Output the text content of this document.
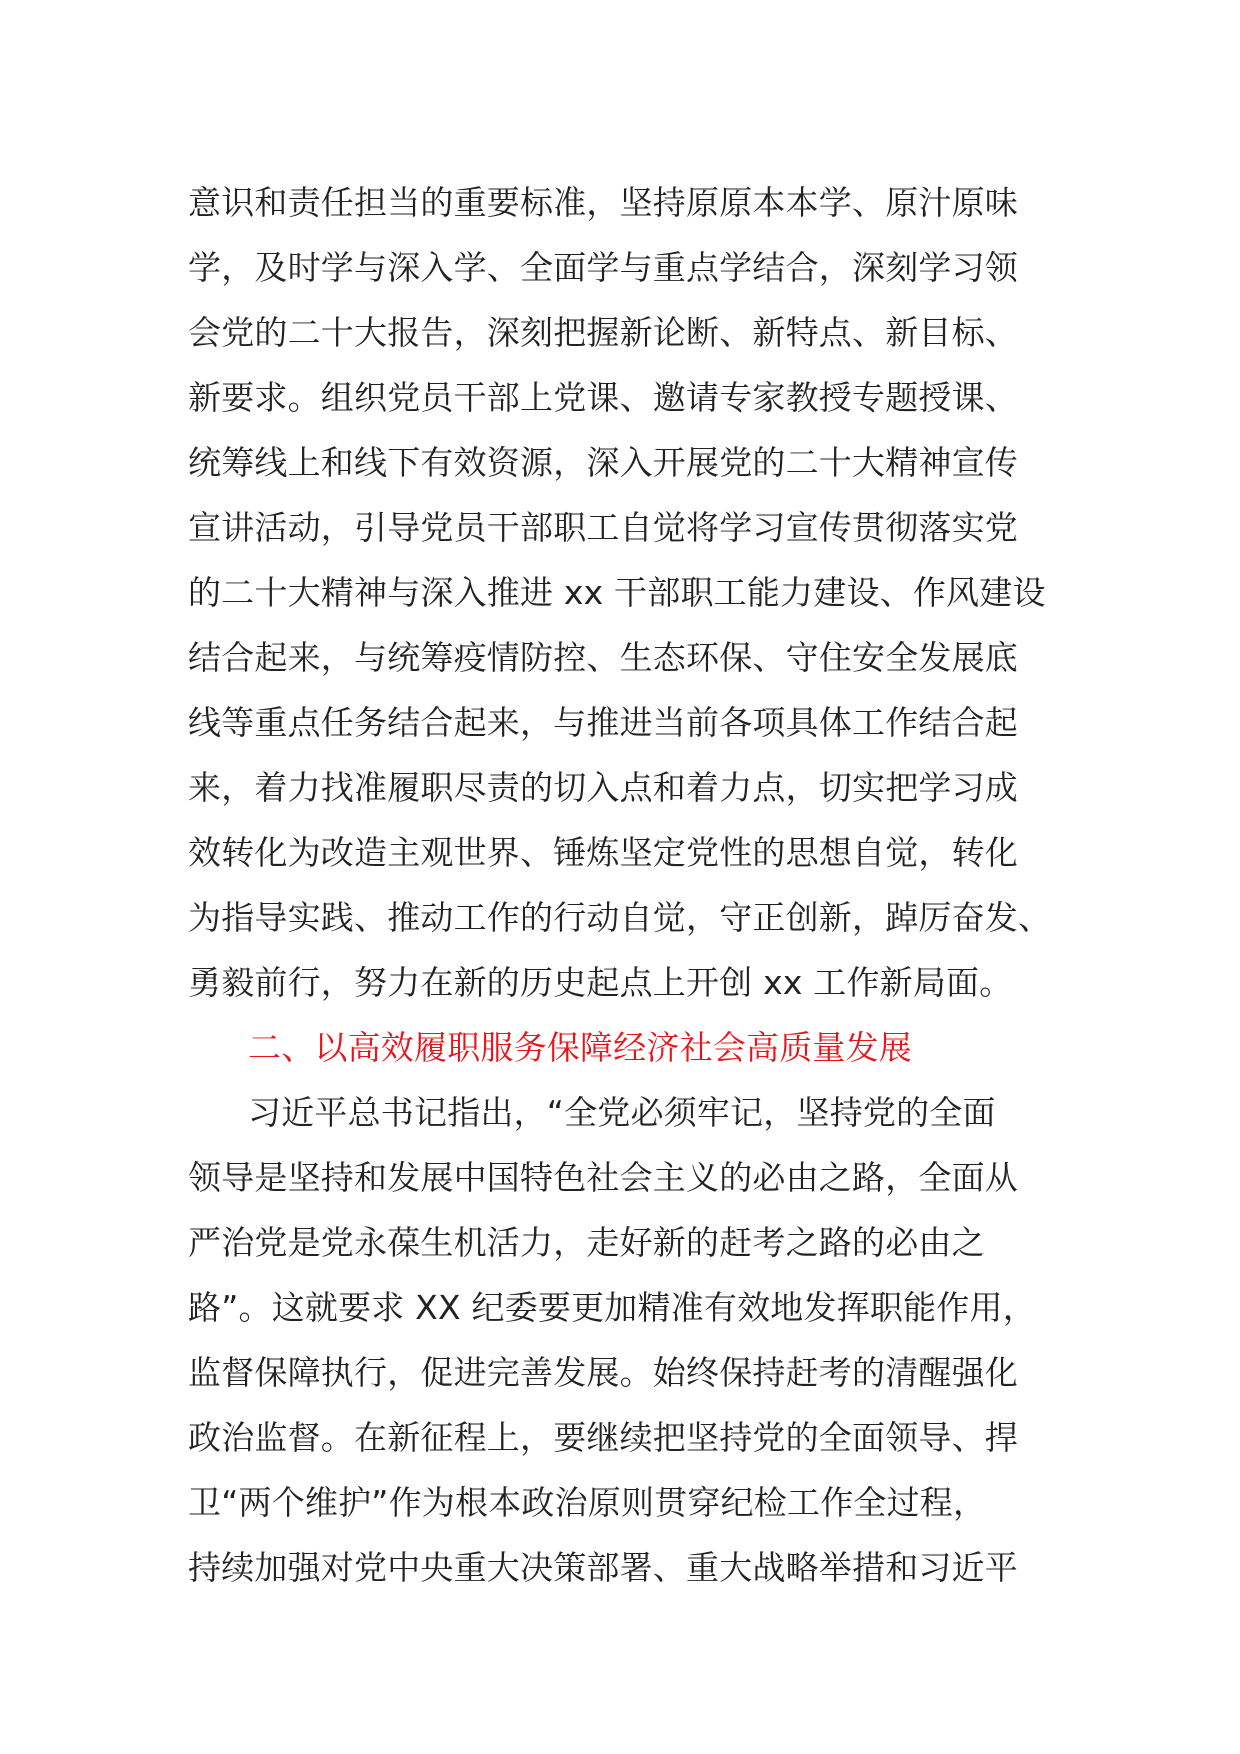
意识和责任担当的重要标准，坚持原原本本学、原汁原味
学，及时学与深入学、全面学与重点学结合，深刻学习领
会党的二十大报告，深刻把握新论断、新特点、新目标、
新要求。组织党员干部上党课、邀请专家教授专题授课、
统筹线上和线下有效资源，深入开展党的二十大精神宣传
宣讲活动，引导党员干部职工自觉将学习宣传贯彻落实党
的二十大精神与深入推进 xx 干部职工能力建设、作风建设
结合起来，与统筹疫情防控、生态环保、守住安全发展底
线等重点任务结合起来，与推进当前各项具体工作结合起
来，着力找准履职尽责的切入点和着力点，切实把学习成
效转化为改造主观世界、锤炼坚定党性的思想自觉，转化
为指导实践、推动工作的行动自觉，守正创新，踔厉奋发、
勇毅前行，努力在新的历史起点上开创 xx 工作新局面。
二、以高效履职服务保障经济社会高质量发展
习近平总书记指出，“全党必须牢记，坚持党的全面
领导是坚持和发展中国特色社会主义的必由之路，全面从
严治党是党永葆生机活力，走好新的赶考之路的必由之
路”。这就要求 XX 纪委要更加精准有效地发挥职能作用，
监督保障执行，促进完善发展。始终保持赶考的清醒强化
政治监督。在新征程上，要继续把坚持党的全面领导、捍
卫“两个维护”作为根本政治原则贯穿纪检工作全过程，
持续加强对党中央重大决策部署、重大战略举措和习近平
